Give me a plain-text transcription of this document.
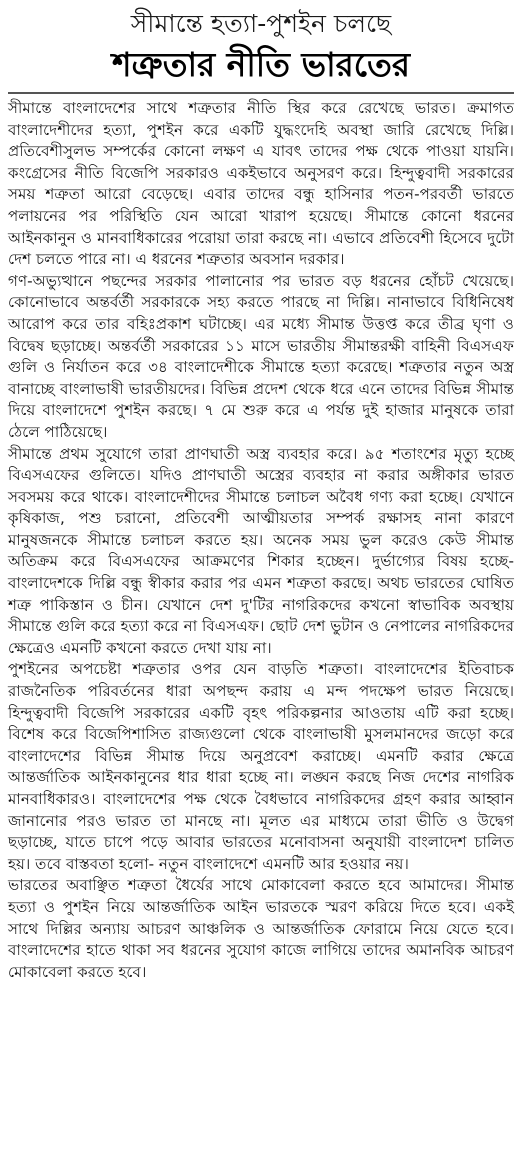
সীমান্তে হত্যা-পুশইন চলছে
শত্রুতার নীতি ভারতের

সীমান্তে বাংলাদেশের সাথে শত্রুতার নীতি স্থির করে রেখেছে ভারত। ক্রমাগত বাংলাদেশীদের হত্যা, পুশইন করে একটি যুদ্ধংদেহি অবস্থা জারি রেখেছে দিল্লি। প্রতিবেশীসুলভ সম্পর্কের কোনো লক্ষণ এ যাবৎ তাদের পক্ষ থেকে পাওয়া যায়নি। কংগ্রেসের নীতি বিজেপি সরকারও একইভাবে অনুসরণ করে। হিন্দুত্ববাদী সরকারের সময় শত্রুতা আরো বেড়েছে। এবার তাদের বন্ধু হাসিনার পতন-পরবর্তী ভারতে পলায়নের পর পরিস্থিতি যেন আরো খারাপ হয়েছে। সীমান্তে কোনো ধরনের আইনকানুন ও মানবাধিকারের পরোয়া তারা করছে না। এভাবে প্রতিবেশী হিসেবে দুটো দেশ চলতে পারে না। এ ধরনের শত্রুতার অবসান দরকার।

গণ-অভ্যুত্থানে পছন্দের সরকার পালানোর পর ভারত বড় ধরনের হোঁচট খেয়েছে। কোনোভাবে অন্তর্বর্তী সরকারকে সহ্য করতে পারছে না দিল্লি। নানাভাবে বিধিনিষেধ আরোপ করে তার বহিঃপ্রকাশ ঘটাচ্ছে। এর মধ্যে সীমান্ত উত্তপ্ত করে তীব্র ঘৃণা ও বিদ্বেষ ছড়াচ্ছে। অন্তর্বর্তী সরকারের ১১ মাসে ভারতীয় সীমান্তরক্ষী বাহিনী বিএসএফ গুলি ও নির্যাতন করে ৩৪ বাংলাদেশীকে সীমান্তে হত্যা করেছে। শত্রুতার নতুন অস্ত্র বানাচ্ছে বাংলাভাষী ভারতীয়দের। বিভিন্ন প্রদেশ থেকে ধরে এনে তাদের বিভিন্ন সীমান্ত দিয়ে বাংলাদেশে পুশইন করছে। ৭ মে শুরু করে এ পর্যন্ত দুই হাজার মানুষকে তারা ঠেলে পাঠিয়েছে।

সীমান্তে প্রথম সুযোগে তারা প্রাণঘাতী অস্ত্র ব্যবহার করে। ৯৫ শতাংশের মৃত্যু হচ্ছে বিএসএফের গুলিতে। যদিও প্রাণঘাতী অস্ত্রের ব্যবহার না করার অঙ্গীকার ভারত সবসময় করে থাকে। বাংলাদেশীদের সীমান্তে চলাচল অবৈধ গণ্য করা হচ্ছে। যেখানে কৃষিকাজ, পশু চরানো, প্রতিবেশী আত্মীয়তার সম্পর্ক রক্ষাসহ নানা কারণে মানুষজনকে সীমান্তে চলাচল করতে হয়। অনেক সময় ভুল করেও কেউ সীমান্ত অতিক্রম করে বিএসএফের আক্রমণের শিকার হচ্ছেন। দুর্ভাগ্যের বিষয় হচ্ছে- বাংলাদেশকে দিল্লি বন্ধু স্বীকার করার পর এমন শত্রুতা করছে। অথচ ভারতের ঘোষিত শত্রু পাকিস্তান ও চীন। যেখানে দেশ দু'টির নাগরিকদের কখনো স্বাভাবিক অবস্থায় সীমান্তে গুলি করে হত্যা করে না বিএসএফ। ছোট দেশ ভুটান ও নেপালের নাগরিকদের ক্ষেত্রেও এমনটি কখনো করতে দেখা যায় না।

পুশইনের অপচেষ্টা শত্রুতার ওপর যেন বাড়তি শত্রুতা। বাংলাদেশের ইতিবাচক রাজনৈতিক পরিবর্তনের ধারা অপছন্দ করায় এ মন্দ পদক্ষেপ ভারত নিয়েছে। হিন্দুত্ববাদী বিজেপি সরকারের একটি বৃহৎ পরিকল্পনার আওতায় এটি করা হচ্ছে। বিশেষ করে বিজেপিশাসিত রাজ্যগুলো থেকে বাংলাভাষী মুসলমানদের জড়ো করে বাংলাদেশের বিভিন্ন সীমান্ত দিয়ে অনুপ্রবেশ করাচ্ছে। এমনটি করার ক্ষেত্রে আন্তর্জাতিক আইনকানুনের ধার ধারা হচ্ছে না। লঙ্ঘন করছে নিজ দেশের নাগরিক মানবাধিকারও। বাংলাদেশের পক্ষ থেকে বৈধভাবে নাগরিকদের গ্রহণ করার আহ্বান জানানোর পরও ভারত তা মানছে না। মূলত এর মাধ্যমে তারা ভীতি ও উদ্বেগ ছড়াচ্ছে, যাতে চাপে পড়ে আবার ভারতের মনোবাসনা অনুযায়ী বাংলাদেশ চালিত হয়। তবে বাস্তবতা হলো- নতুন বাংলাদেশে এমনটি আর হওয়ার নয়।

ভারতের অবাঞ্ছিত শত্রুতা ধৈর্যের সাথে মোকাবেলা করতে হবে আমাদের। সীমান্ত হত্যা ও পুশইন নিয়ে আন্তর্জাতিক আইন ভারতকে স্মরণ করিয়ে দিতে হবে। একই সাথে দিল্লির অন্যায় আচরণ আঞ্চলিক ও আন্তর্জাতিক ফোরামে নিয়ে যেতে হবে। বাংলাদেশের হাতে থাকা সব ধরনের সুযোগ কাজে লাগিয়ে তাদের অমানবিক আচরণ মোকাবেলা করতে হবে।
